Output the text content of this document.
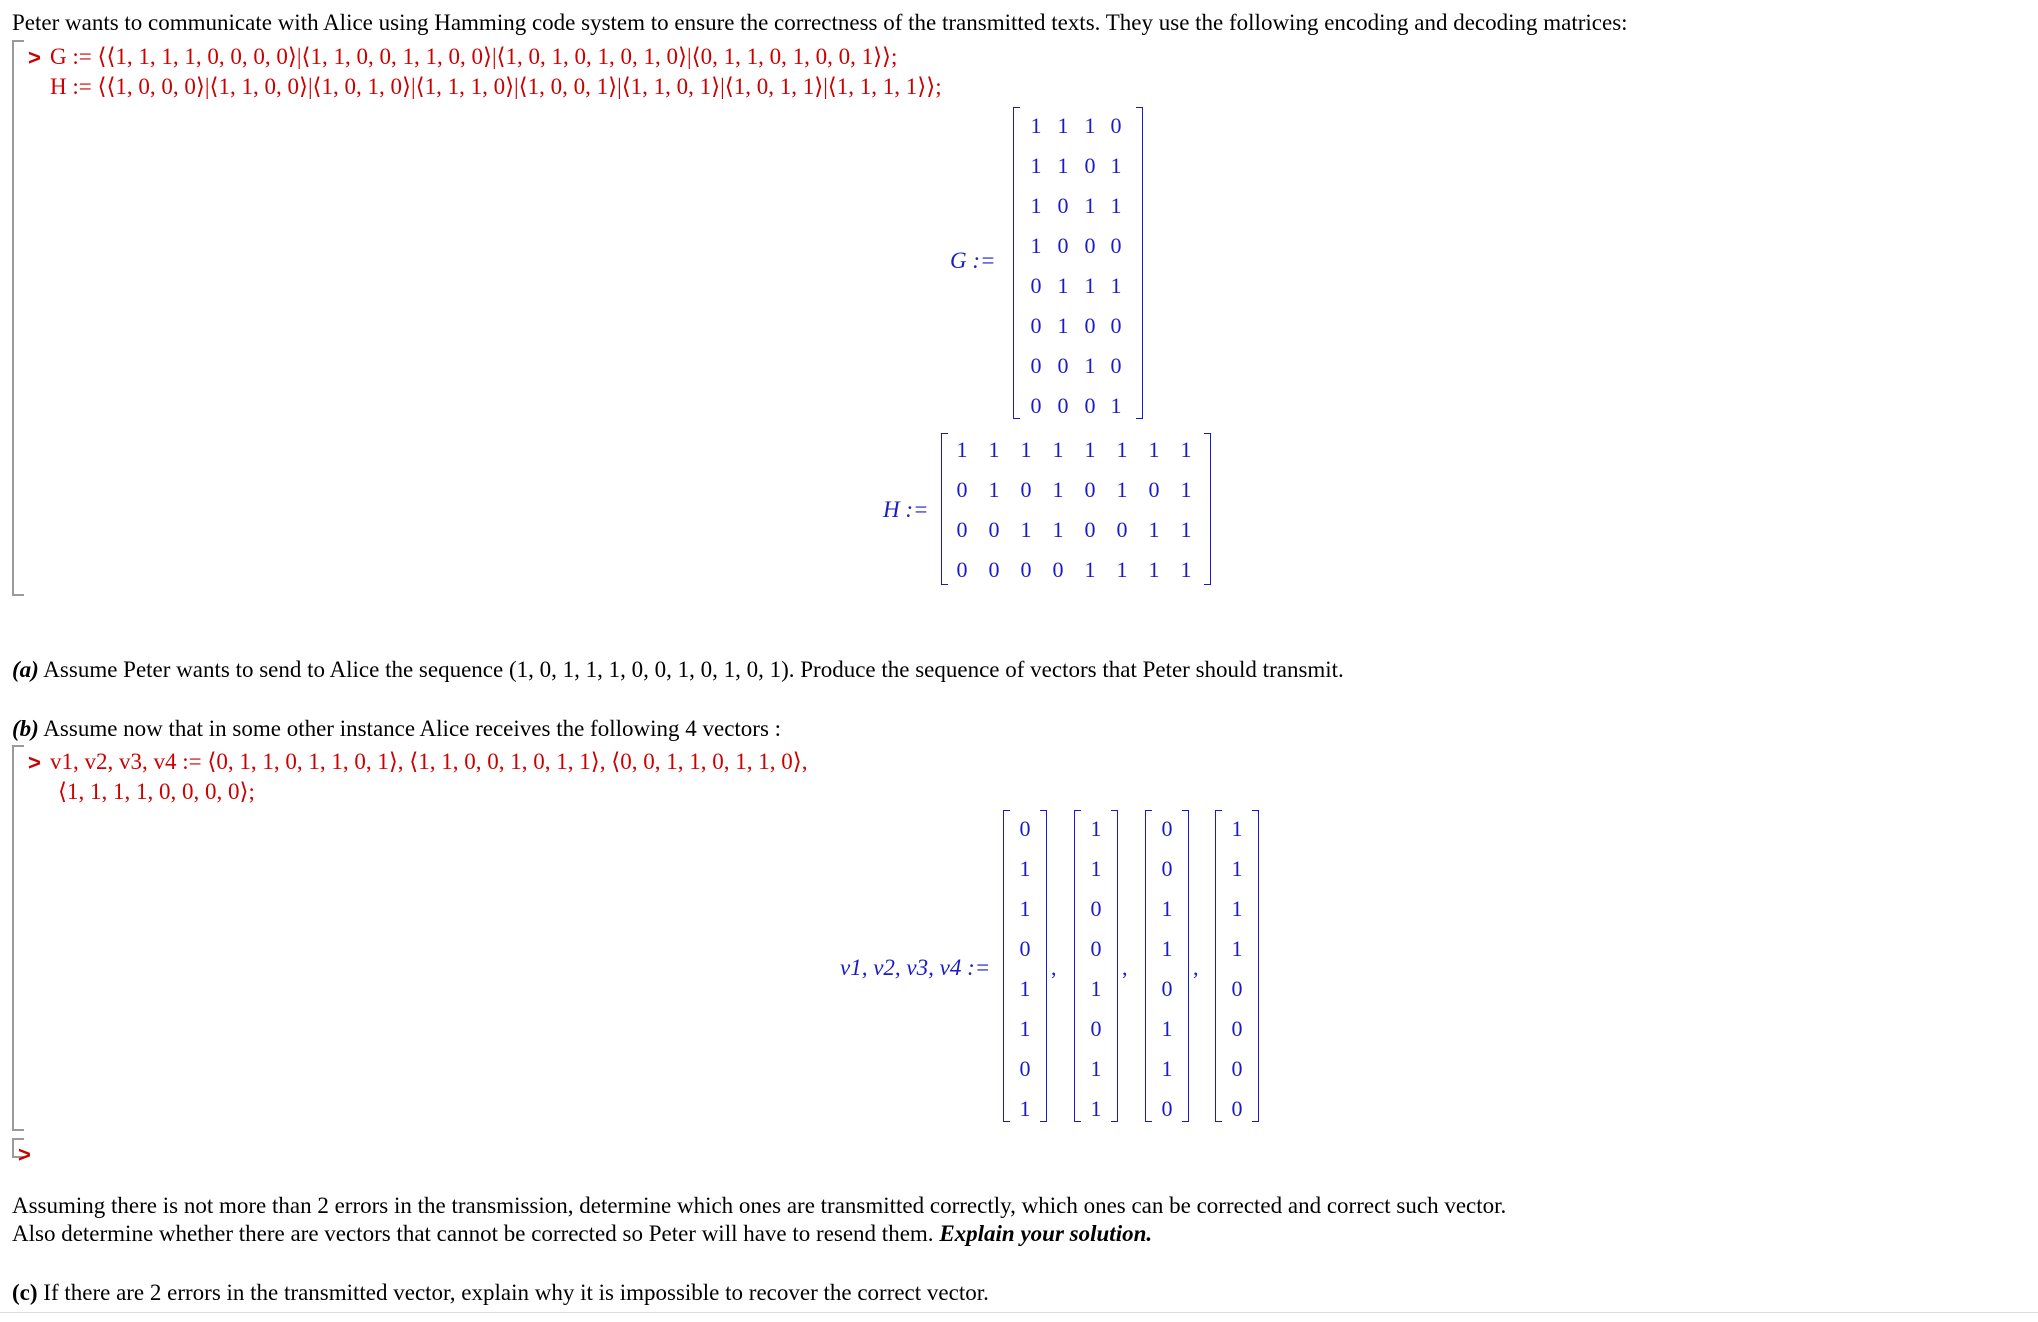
Peter wants to communicate with Alice using Hamming code system to ensure the correctness of the transmitted texts. They use the following encoding and decoding matrices:
> G := ⟨⟨1, 1, 1, 1, 0, 0, 0, 0⟩|⟨1, 1, 0, 0, 1, 1, 0, 0⟩|⟨1, 0, 1, 0, 1, 0, 1, 0⟩|⟨0, 1, 1, 0, 1, 0, 0, 1⟩⟩;
H := ⟨⟨1, 0, 0, 0⟩|⟨1, 1, 0, 0⟩|⟨1, 0, 1, 0⟩|⟨1, 1, 1, 0⟩|⟨1, 0, 0, 1⟩|⟨1, 1, 0, 1⟩|⟨1, 0, 1, 1⟩|⟨1, 1, 1, 1⟩⟩;
G :=
1 1 1 0
1 1 0 1
1 0 1 1
1 0 0 0
0 1 1 1
0 1 0 0
0 0 1 0
0 0 0 1
H :=
1 1 1 1 1 1 1 1
0 1 0 1 0 1 0 1
0 0 1 1 0 0 1 1
0 0 0 0 1 1 1 1
(a) Assume Peter wants to send to Alice the sequence (1, 0, 1, 1, 1, 0, 0, 1, 0, 1, 0, 1). Produce the sequence of vectors that Peter should transmit.
(b) Assume now that in some other instance Alice receives the following 4 vectors :
> v1, v2, v3, v4 := ⟨0, 1, 1, 0, 1, 1, 0, 1⟩, ⟨1, 1, 0, 0, 1, 0, 1, 1⟩, ⟨0, 0, 1, 1, 0, 1, 1, 0⟩,
⟨1, 1, 1, 1, 0, 0, 0, 0⟩;
v1, v2, v3, v4 :=
0
1
1
0
1
1
0
1
,
1
1
0
0
1
0
1
1
,
0
0
1
1
0
1
1
0
,
1
1
1
1
0
0
0
0
>
Assuming there is not more than 2 errors in the transmission, determine which ones are transmitted correctly, which ones can be corrected and correct such vector.
Also determine whether there are vectors that cannot be corrected so Peter will have to resend them. Explain your solution.
(c) If there are 2 errors in the transmitted vector, explain why it is impossible to recover the correct vector.
